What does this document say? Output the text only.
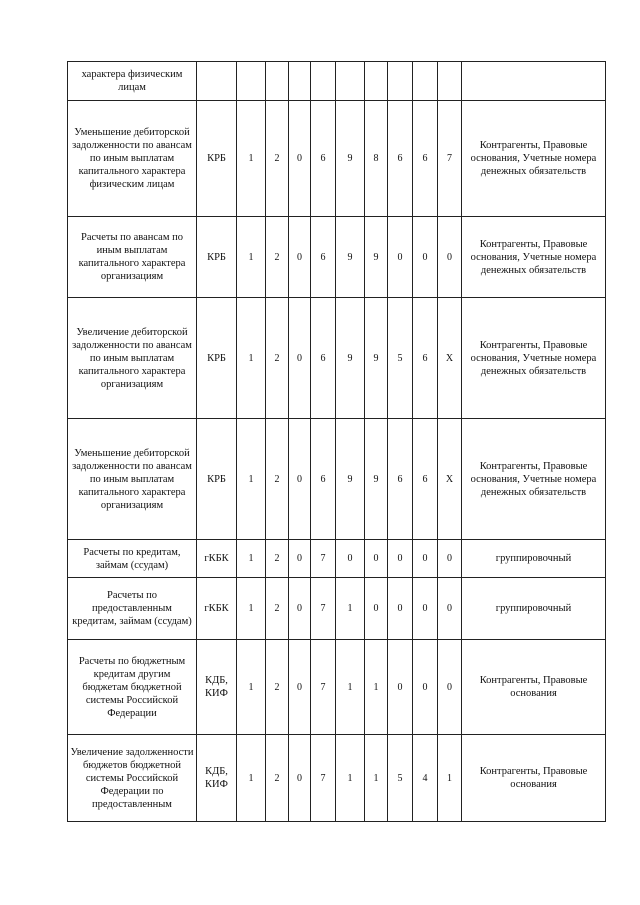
характера физическим лицам											
Уменьшение дебиторской задолженности по авансам по иным выплатам капитального характера физическим лицам	КРБ	1	2	0	6	9	8	6	6	7	Контрагенты, Правовые основания, Учетные номера денежных обязательств
Расчеты по авансам по иным выплатам капитального характера организациям	КРБ	1	2	0	6	9	9	0	0	0	Контрагенты, Правовые основания, Учетные номера денежных обязательств
Увеличение дебиторской задолженности по авансам по иным выплатам капитального характера организациям	КРБ	1	2	0	6	9	9	5	6	Х	Контрагенты, Правовые основания, Учетные номера денежных обязательств
Уменьшение дебиторской задолженности по авансам по иным выплатам капитального характера организациям	КРБ	1	2	0	6	9	9	6	6	Х	Контрагенты, Правовые основания, Учетные номера денежных обязательств
Расчеты по кредитам, займам (ссудам)	гКБК	1	2	0	7	0	0	0	0	0	группировочный
Расчеты по предоставленным кредитам, займам (ссудам)	гКБК	1	2	0	7	1	0	0	0	0	группировочный
Расчеты по бюджетным кредитам другим бюджетам бюджетной системы Российской Федерации	КДБ, КИФ	1	2	0	7	1	1	0	0	0	Контрагенты, Правовые основания
Увеличение задолженности бюджетов бюджетной системы Российской Федерации по предоставленным	КДБ, КИФ	1	2	0	7	1	1	5	4	1	Контрагенты, Правовые основания
